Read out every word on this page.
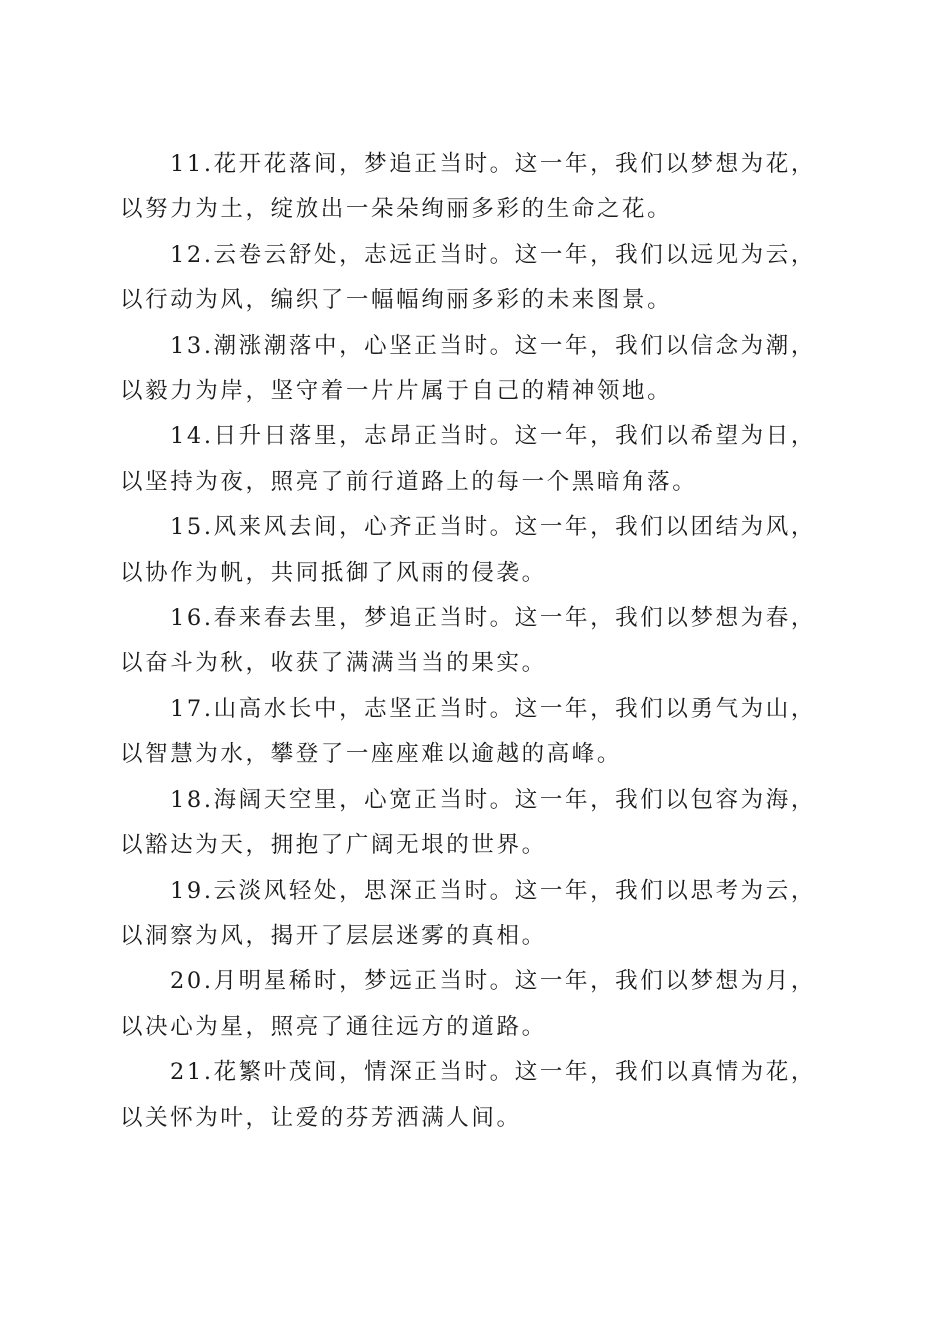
11.花开花落间，梦追正当时。这一年，我们以梦想为花，
以努力为土，绽放出一朵朵绚丽多彩的生命之花。

12.云卷云舒处，志远正当时。这一年，我们以远见为云，
以行动为风，编织了一幅幅绚丽多彩的未来图景。

13.潮涨潮落中，心坚正当时。这一年，我们以信念为潮，
以毅力为岸，坚守着一片片属于自己的精神领地。

14.日升日落里，志昂正当时。这一年，我们以希望为日，
以坚持为夜，照亮了前行道路上的每一个黑暗角落。

15.风来风去间，心齐正当时。这一年，我们以团结为风，
以协作为帆，共同抵御了风雨的侵袭。

16.春来春去里，梦追正当时。这一年，我们以梦想为春，
以奋斗为秋，收获了满满当当的果实。

17.山高水长中，志坚正当时。这一年，我们以勇气为山，
以智慧为水，攀登了一座座难以逾越的高峰。

18.海阔天空里，心宽正当时。这一年，我们以包容为海，
以豁达为天，拥抱了广阔无垠的世界。

19.云淡风轻处，思深正当时。这一年，我们以思考为云，
以洞察为风，揭开了层层迷雾的真相。

20.月明星稀时，梦远正当时。这一年，我们以梦想为月，
以决心为星，照亮了通往远方的道路。

21.花繁叶茂间，情深正当时。这一年，我们以真情为花，
以关怀为叶，让爱的芬芳洒满人间。
